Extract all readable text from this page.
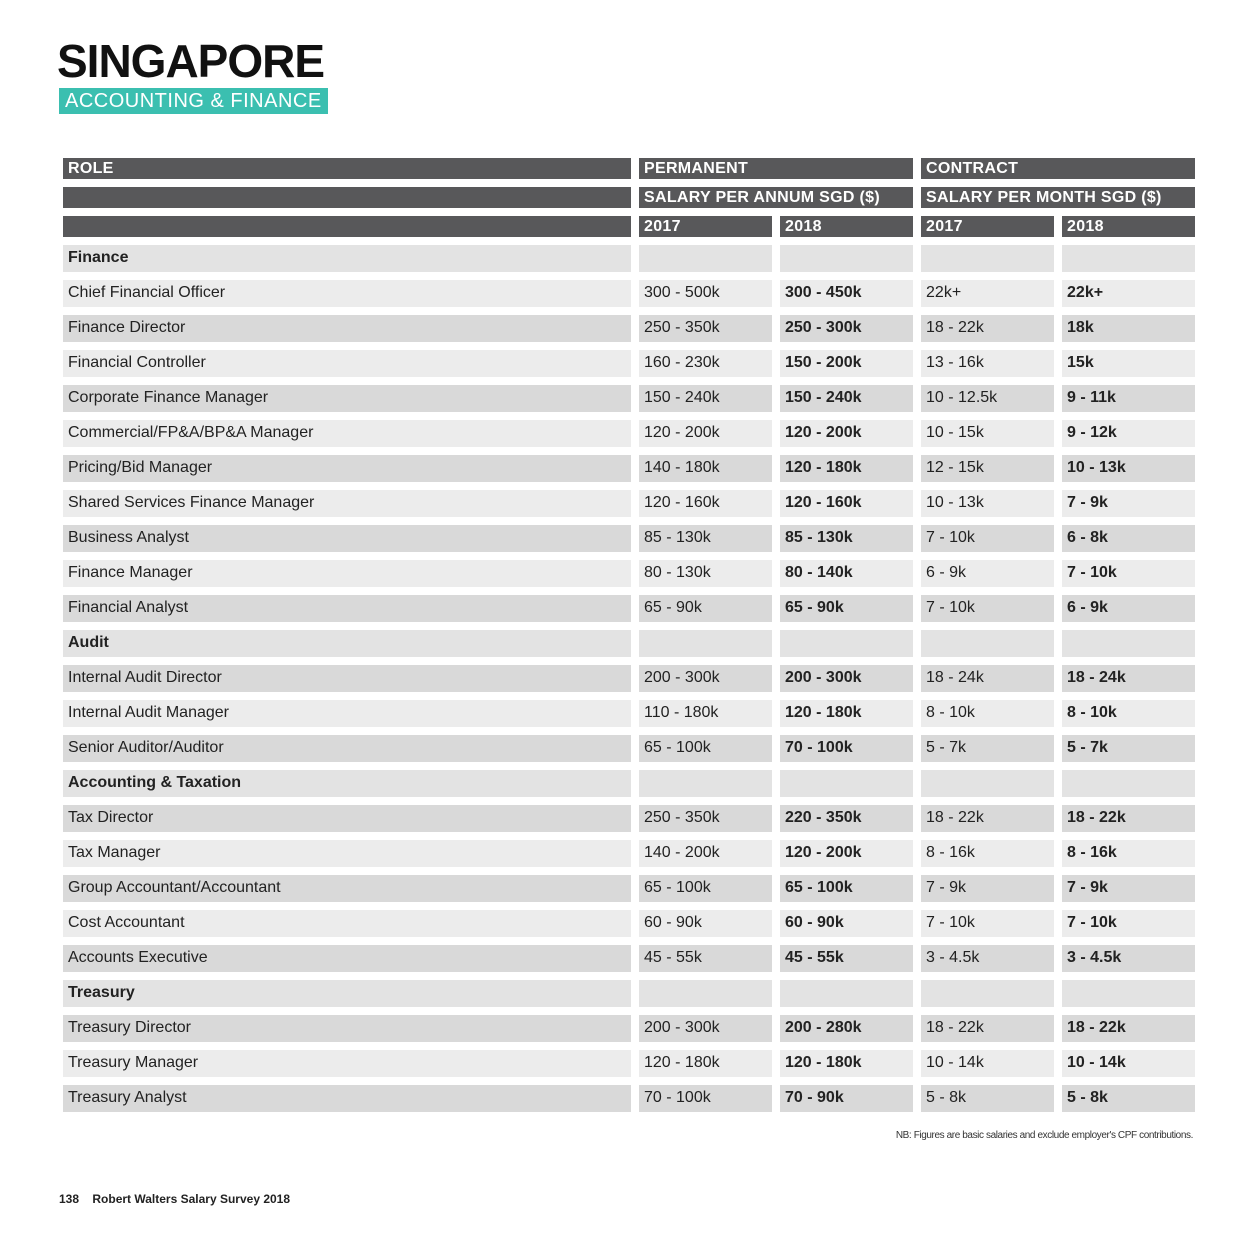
SINGAPORE
ACCOUNTING & FINANCE
ROLE	PERMANENT		CONTRACT	

	SALARY PER ANNUM SGD ($)		SALARY PER MONTH SGD ($)	

	2017	2018	2017	2018

Finance				
Chief Financial Officer	300 - 500k	300 - 450k	22k+	22k+
Finance Director	250 - 350k	250 - 300k	18 - 22k	18k
Financial Controller	160 - 230k	150 - 200k	13 - 16k	15k
Corporate Finance Manager	150 - 240k	150 - 240k	10 - 12.5k	9 - 11k
Commercial/FP&A/BP&A Manager	120 - 200k	120 - 200k	10 - 15k	9 - 12k
Pricing/Bid Manager	140 - 180k	120 - 180k	12 - 15k	10 - 13k
Shared Services Finance Manager	120 - 160k	120 - 160k	10 - 13k	7 - 9k
Business Analyst	85 - 130k	85 - 130k	7 - 10k	6 - 8k
Finance Manager	80 - 130k	80 - 140k	6 - 9k	7 - 10k
Financial Analyst	65 - 90k	65 - 90k	7 - 10k	6 - 9k
Audit				
Internal Audit Director	200 - 300k	200 - 300k	18 - 24k	18 - 24k
Internal Audit Manager	110 - 180k	120 - 180k	8 - 10k	8 - 10k
Senior Auditor/Auditor	65 - 100k	70 - 100k	5 - 7k	5 - 7k
Accounting & Taxation				
Tax Director	250 - 350k	220 - 350k	18 - 22k	18 - 22k
Tax Manager	140 - 200k	120 - 200k	8 - 16k	8 - 16k
Group Accountant/Accountant	65 - 100k	65 - 100k	7 - 9k	7 - 9k
Cost Accountant	60 - 90k	60 - 90k	7 - 10k	7 - 10k
Accounts Executive	45 - 55k	45 - 55k	3 - 4.5k	3 - 4.5k
Treasury				
Treasury Director	200 - 300k	200 - 280k	18 - 22k	18 - 22k
Treasury Manager	120 - 180k	120 - 180k	10 - 14k	10 - 14k
Treasury Analyst	70 - 100k	70 - 90k	5 - 8k	5 - 8k
NB: Figures are basic salaries and exclude employer's CPF contributions.
138 Robert Walters Salary Survey 2018
